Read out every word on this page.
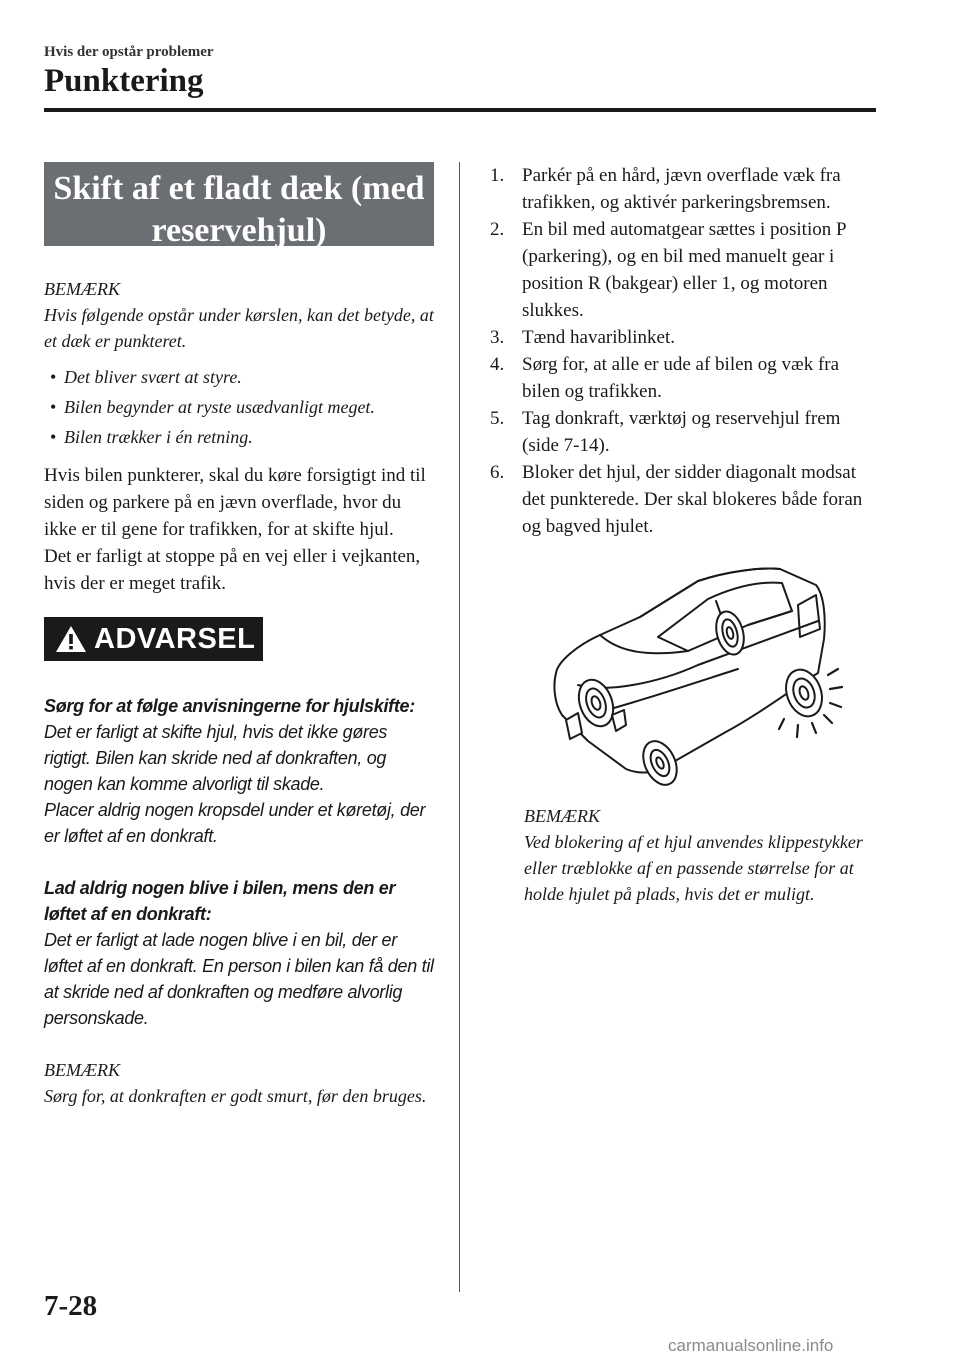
Hvis der opstår problemer
Punktering
Skift af et fladt dæk (med
reservehjul)
BEMÆRK
Hvis følgende opstår under kørslen, kan det betyde, at et dæk er punkteret.
• Det bliver svært at styre.
• Bilen begynder at ryste usædvanligt meget.
• Bilen trækker i én retning.
Hvis bilen punkterer, skal du køre forsigtigt ind til siden og parkere på en jævn overflade, hvor du ikke er til gene for trafikken, for at skifte hjul.
Det er farligt at stoppe på en vej eller i vejkanten, hvis der er meget trafik.
ADVARSEL
Sørg for at følge anvisningerne for hjulskifte:
Det er farligt at skifte hjul, hvis det ikke gøres rigtigt. Bilen kan skride ned af donkraften, og nogen kan komme alvorligt til skade.
Placer aldrig nogen kropsdel under et køretøj, der er løftet af en donkraft.
Lad aldrig nogen blive i bilen, mens den er løftet af en donkraft:
Det er farligt at lade nogen blive i en bil, der er løftet af en donkraft. En person i bilen kan få den til at skride ned af donkraften og medføre alvorlig personskade.
BEMÆRK
Sørg for, at donkraften er godt smurt, før den bruges.
1. Parkér på en hård, jævn overflade væk fra trafikken, og aktivér parkeringsbremsen.
2. En bil med automatgear sættes i position P (parkering), og en bil med manuelt gear i position R (bakgear) eller 1, og motoren slukkes.
3. Tænd havariblinket.
4. Sørg for, at alle er ude af bilen og væk fra bilen og trafikken.
5. Tag donkraft, værktøj og reservehjul frem (side 7-14).
6. Bloker det hjul, der sidder diagonalt modsat det punkterede. Der skal blokeres både foran og bagved hjulet.
BEMÆRK
Ved blokering af et hjul anvendes klippestykker eller træblokke af en passende størrelse for at holde hjulet på plads, hvis det er muligt.
7-28
carmanualsonline.info
